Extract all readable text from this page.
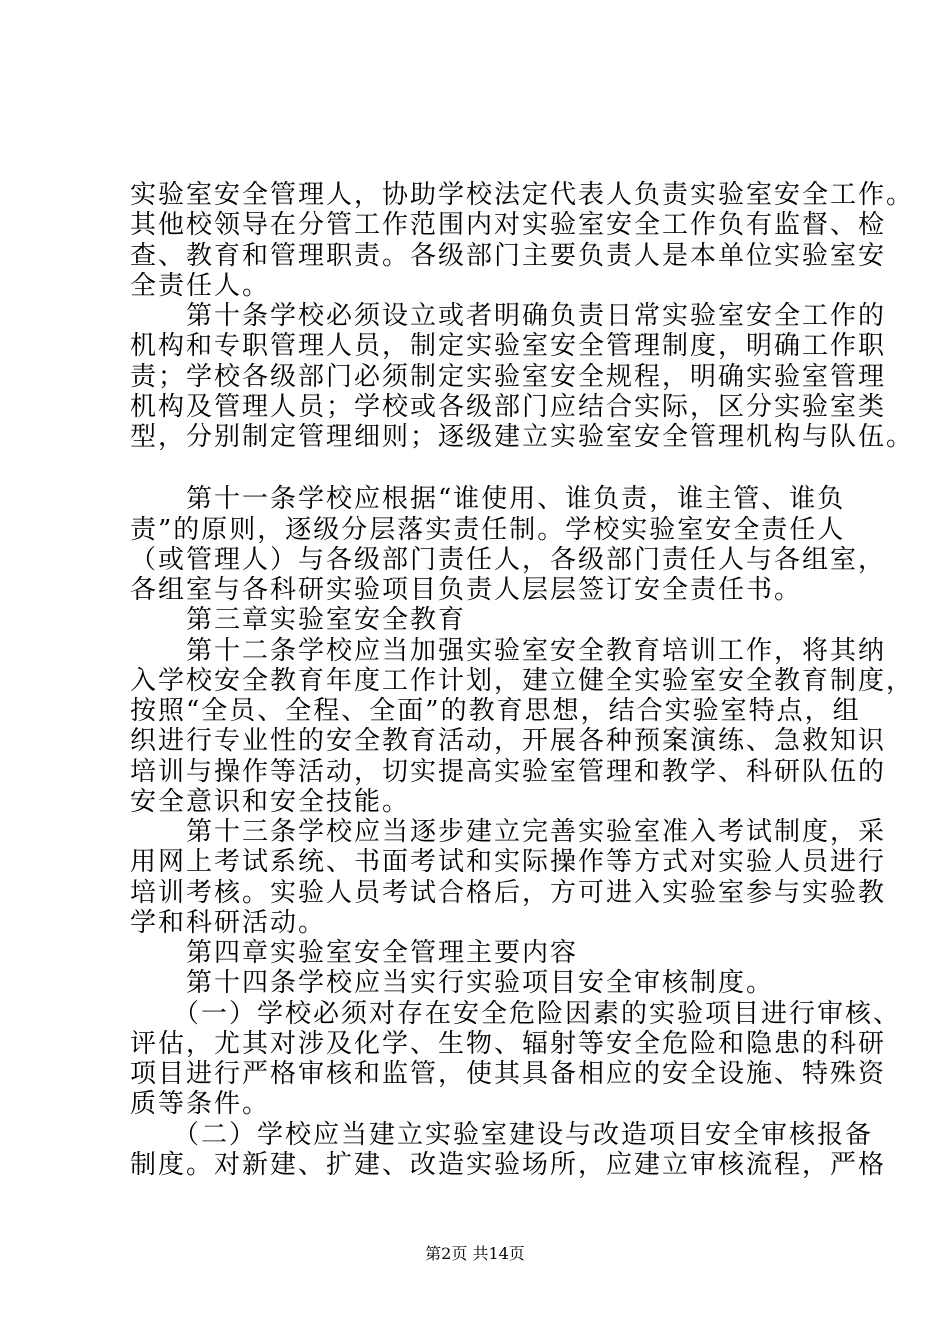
实验室安全管理人，协助学校法定代表人负责实验室安全工作。
其他校领导在分管工作范围内对实验室安全工作负有监督、检
查、教育和管理职责。各级部门主要负责人是本单位实验室安
全责任人。
　　第十条学校必须设立或者明确负责日常实验室安全工作的
机构和专职管理人员，制定实验室安全管理制度，明确工作职
责；学校各级部门必须制定实验室安全规程，明确实验室管理
机构及管理人员；学校或各级部门应结合实际，区分实验室类
型，分别制定管理细则；逐级建立实验室安全管理机构与队伍。
　　第十一条学校应根据“谁使用、谁负责，谁主管、谁负
责”的原则，逐级分层落实责任制。学校实验室安全责任人
（或管理人）与各级部门责任人，各级部门责任人与各组室，
各组室与各科研实验项目负责人层层签订安全责任书。
　　第三章实验室安全教育
　　第十二条学校应当加强实验室安全教育培训工作，将其纳
入学校安全教育年度工作计划，建立健全实验室安全教育制度，
按照“全员、全程、全面”的教育思想，结合实验室特点，组
织进行专业性的安全教育活动，开展各种预案演练、急救知识
培训与操作等活动，切实提高实验室管理和教学、科研队伍的
安全意识和安全技能。
　　第十三条学校应当逐步建立完善实验室准入考试制度，采
用网上考试系统、书面考试和实际操作等方式对实验人员进行
培训考核。实验人员考试合格后，方可进入实验室参与实验教
学和科研活动。
　　第四章实验室安全管理主要内容
　　第十四条学校应当实行实验项目安全审核制度。
　　（一）学校必须对存在安全危险因素的实验项目进行审核、
评估，尤其对涉及化学、生物、辐射等安全危险和隐患的科研
项目进行严格审核和监管，使其具备相应的安全设施、特殊资
质等条件。
　　（二）学校应当建立实验室建设与改造项目安全审核报备
制度。对新建、扩建、改造实验场所，应建立审核流程，严格
第2页 共14页
